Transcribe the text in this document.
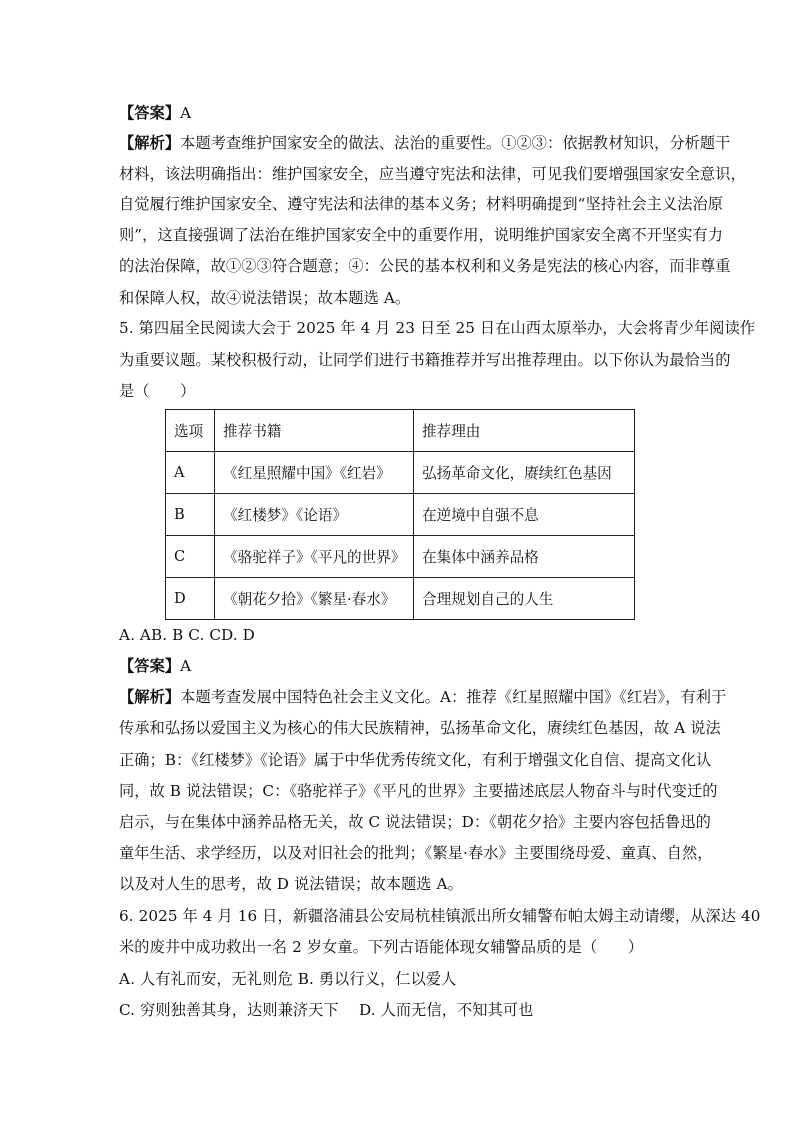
【答案】A
【解析】本题考查维护国家安全的做法、法治的重要性。①②③：依据教材知识，分析题干
材料，该法明确指出：维护国家安全，应当遵守宪法和法律，可见我们要增强国家安全意识，
自觉履行维护国家安全、遵守宪法和法律的基本义务；材料明确提到“坚持社会主义法治原
则”，这直接强调了法治在维护国家安全中的重要作用，说明维护国家安全离不开坚实有力
的法治保障，故①②③符合题意；④：公民的基本权利和义务是宪法的核心内容，而非尊重
和保障人权，故④说法错误；故本题选 A。
5. 第四届全民阅读大会于 2025 年 4 月 23 日至 25 日在山西太原举办，大会将青少年阅读作
为重要议题。某校积极行动，让同学们进行书籍推荐并写出推荐理由。以下你认为最恰当的
是（　　）
选项	推荐书籍	推荐理由
A	《红星照耀中国》《红岩》	弘扬革命文化，赓续红色基因
B	《红楼梦》《论语》	在逆境中自强不息
C	《骆驼祥子》《平凡的世界》	在集体中涵养品格
D	《朝花夕拾》《繁星·春水》	合理规划自己的人生
A. AB. B C. CD. D
【答案】A
【解析】本题考查发展中国特色社会主义文化。A：推荐《红星照耀中国》《红岩》，有利于
传承和弘扬以爱国主义为核心的伟大民族精神，弘扬革命文化，赓续红色基因，故 A 说法
正确；B：《红楼梦》《论语》属于中华优秀传统文化，有利于增强文化自信、提高文化认
同，故 B 说法错误；C：《骆驼祥子》《平凡的世界》主要描述底层人物奋斗与时代变迁的
启示，与在集体中涵养品格无关，故 C 说法错误；D：《朝花夕拾》主要内容包括鲁迅的
童年生活、求学经历，以及对旧社会的批判；《繁星·春水》主要围绕母爱、童真、自然，
以及对人生的思考，故 D 说法错误；故本题选 A。
6. 2025 年 4 月 16 日，新疆洛浦县公安局杭桂镇派出所女辅警布帕太姆主动请缨，从深达 40
米的废井中成功救出一名 2 岁女童。下列古语能体现女辅警品质的是（　　）
A. 人有礼而安，无礼则危 B. 勇以行义，仁以爱人
C. 穷则独善其身，达则兼济天下　 D. 人而无信，不知其可也
